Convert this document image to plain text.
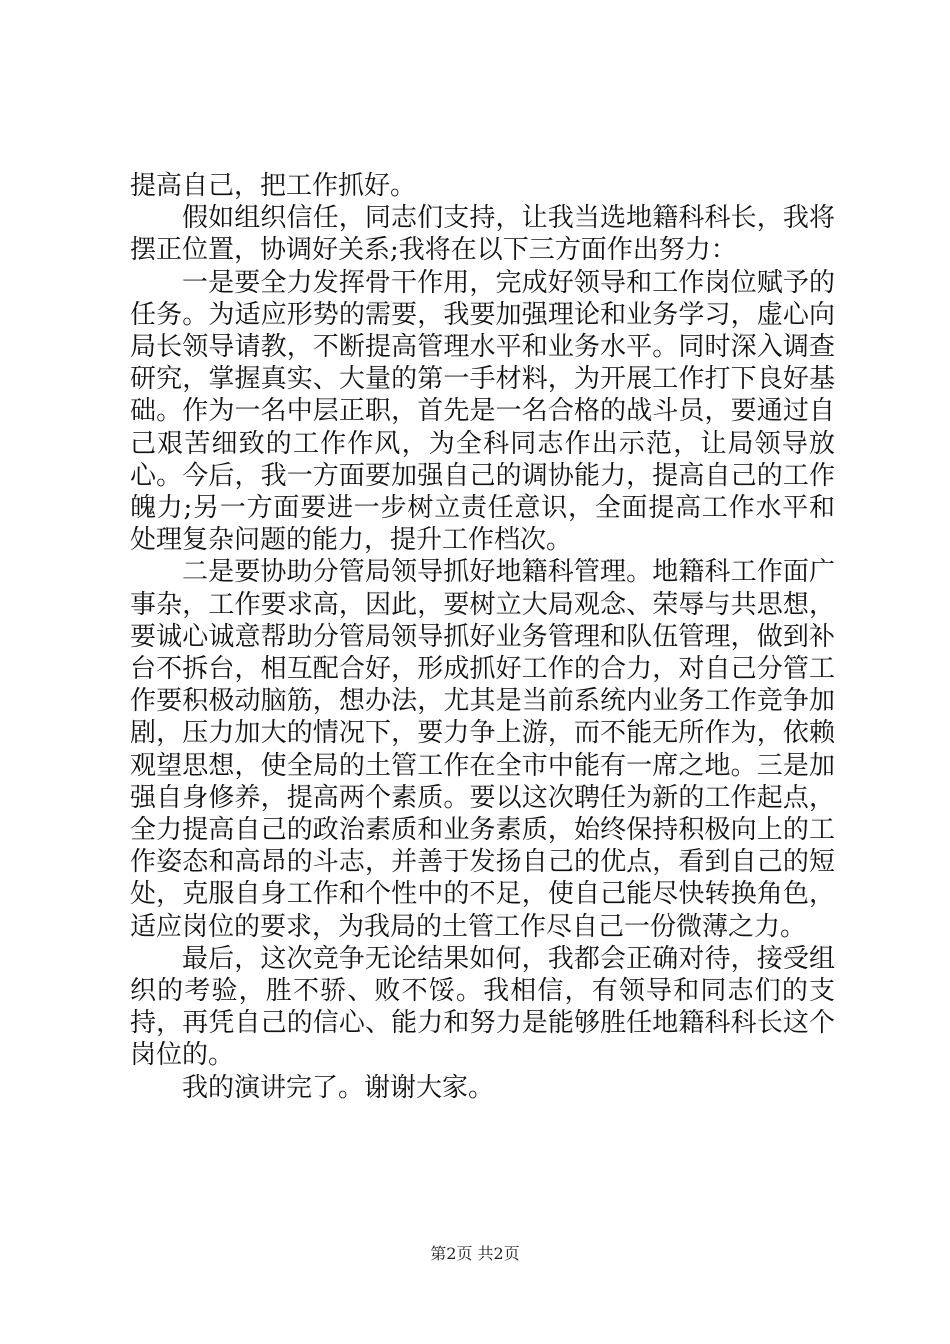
提高自己，把工作抓好。

假如组织信任，同志们支持，让我当选地籍科科长，我将摆正位置，协调好关系;我将在以下三方面作出努力：

一是要全力发挥骨干作用，完成好领导和工作岗位赋予的任务。为适应形势的需要，我要加强理论和业务学习，虚心向局长领导请教，不断提高管理水平和业务水平。同时深入调查研究，掌握真实、大量的第一手材料，为开展工作打下良好基础。作为一名中层正职，首先是一名合格的战斗员，要通过自己艰苦细致的工作作风，为全科同志作出示范，让局领导放心。今后，我一方面要加强自己的调协能力，提高自己的工作魄力;另一方面要进一步树立责任意识，全面提高工作水平和处理复杂问题的能力，提升工作档次。

二是要协助分管局领导抓好地籍科管理。地籍科工作面广事杂，工作要求高，因此，要树立大局观念、荣辱与共思想，要诚心诚意帮助分管局领导抓好业务管理和队伍管理，做到补台不拆台，相互配合好，形成抓好工作的合力，对自己分管工作要积极动脑筋，想办法，尤其是当前系统内业务工作竞争加剧，压力加大的情况下，要力争上游，而不能无所作为，依赖观望思想，使全局的土管工作在全市中能有一席之地。三是加强自身修养，提高两个素质。要以这次聘任为新的工作起点，全力提高自己的政治素质和业务素质，始终保持积极向上的工作姿态和高昂的斗志，并善于发扬自己的优点，看到自己的短处，克服自身工作和个性中的不足，使自己能尽快转换角色，适应岗位的要求，为我局的土管工作尽自己一份微薄之力。

最后，这次竞争无论结果如何，我都会正确对待，接受组织的考验，胜不骄、败不馁。我相信，有领导和同志们的支持，再凭自己的信心、能力和努力是能够胜任地籍科科长这个岗位的。

我的演讲完了。谢谢大家。

第2页 共2页
